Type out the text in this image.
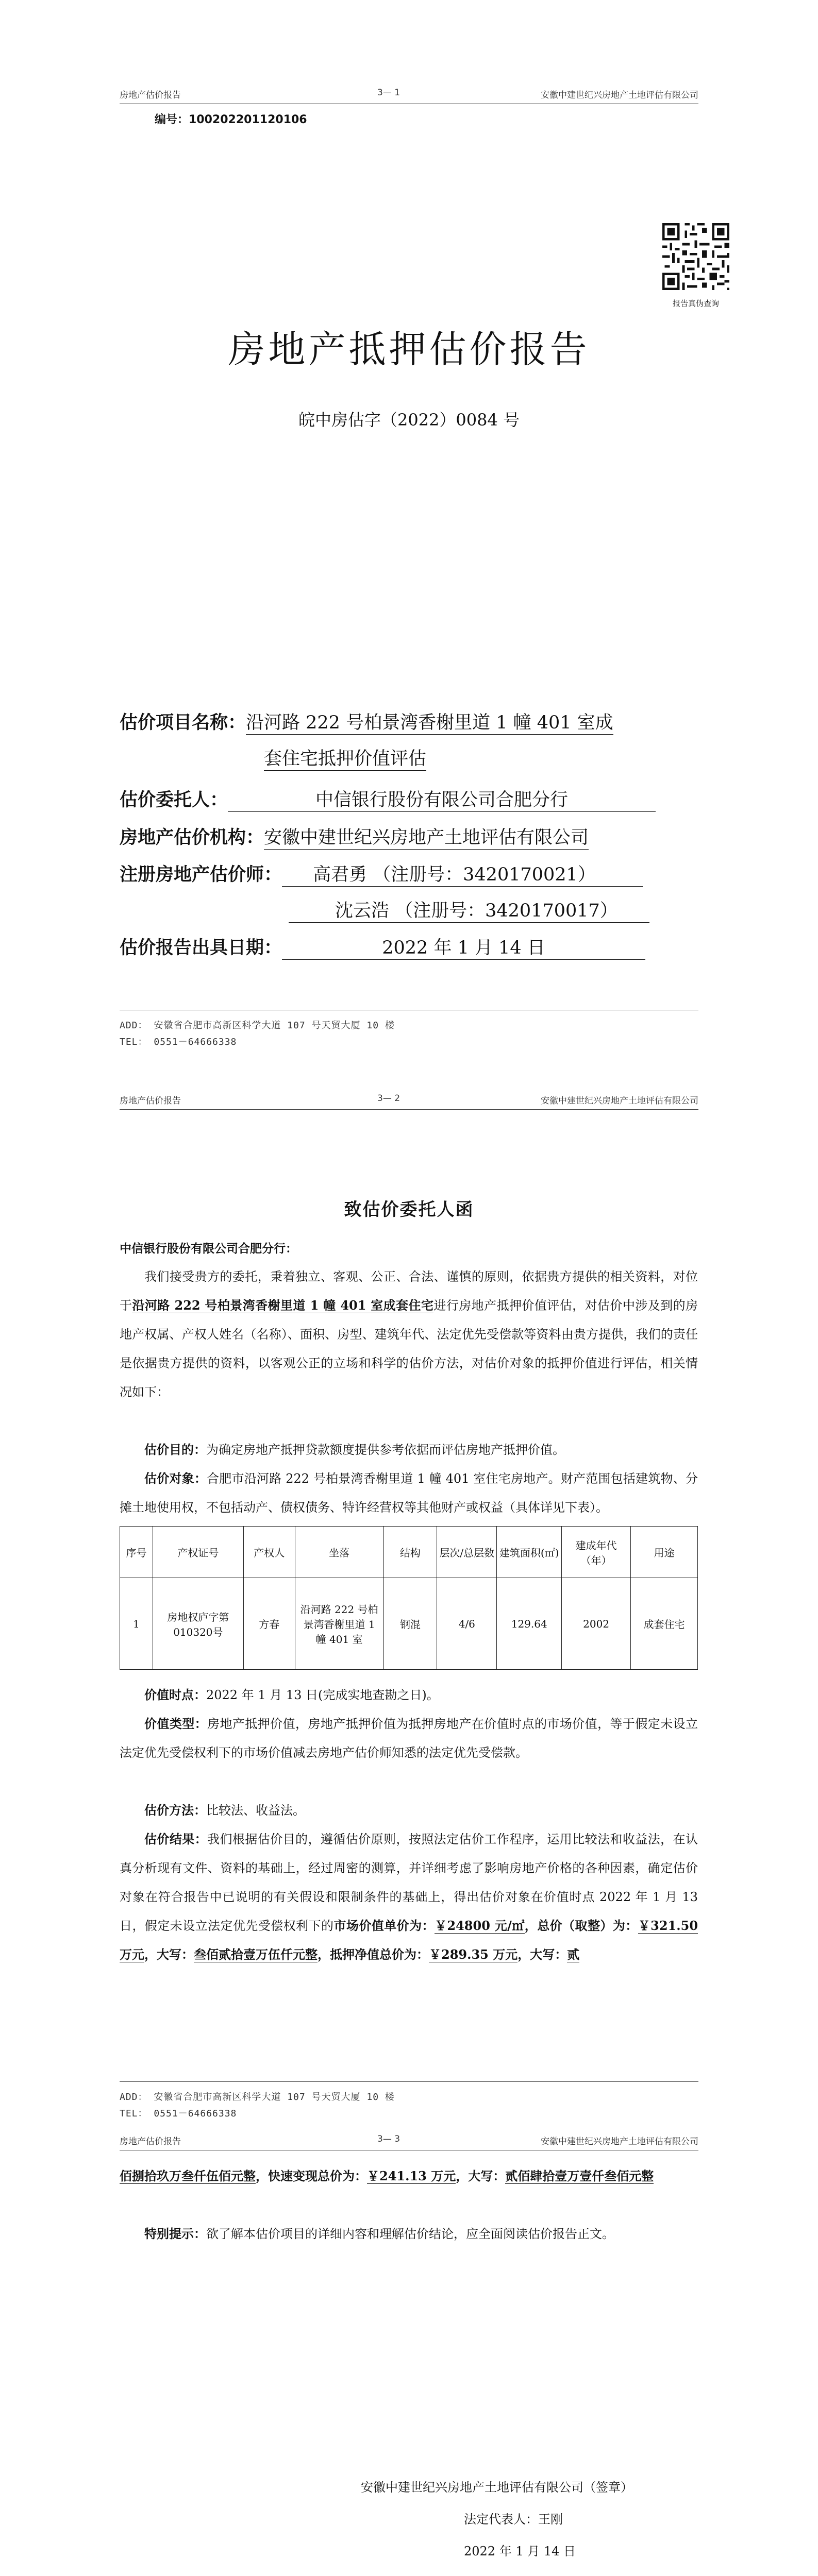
房地产估价报告	3— 1	安徽中建世纪兴房地产土地评估有限公司
编号：100202201120106
报告真伪查询
房地产抵押估价报告
皖中房估字（2022）0084 号
估价项目名称：沿河路 222 号柏景湾香榭里道 1 幢 401 室成
套住宅抵押价值评估
估价委托人：	中信银行股份有限公司合肥分行
房地产估价机构：安徽中建世纪兴房地产土地评估有限公司
注册房地产估价师： 高君勇 （注册号：3420170021）
沈云浩 （注册号：3420170017）
估价报告出具日期：	2022 年 1 月 14 日
ADD： 安徽省合肥市高新区科学大道 107 号天贸大厦 10 楼
TEL： 0551－64666338
房地产估价报告	3— 2	安徽中建世纪兴房地产土地评估有限公司
致估价委托人函
中信银行股份有限公司合肥分行：
我们接受贵方的委托，秉着独立、客观、公正、合法、谨慎的原则，依据贵方提供的相关资料，对位于沿河路 222 号柏景湾香榭里道 1 幢 401 室成套住宅进行房地产抵押价值评估，对估价中涉及到的房地产权属、产权人姓名（名称）、面积、房型、建筑年代、法定优先受偿款等资料由贵方提供，我们的责任是依据贵方提供的资料，以客观公正的立场和科学的估价方法，对估价对象的抵押价值进行评估，相关情况如下：
估价目的：为确定房地产抵押贷款额度提供参考依据而评估房地产抵押价值。
估价对象：合肥市沿河路 222 号柏景湾香榭里道 1 幢 401 室住宅房地产。财产范围包括建筑物、分摊土地使用权，不包括动产、债权债务、特许经营权等其他财产或权益（具体详见下表）。
序号	产权证号	产权人	坐落	结构	层次/总层数	建筑面积(㎡)	建成年代（年）	用途
1	房地权庐字第010320号	方春	沿河路 222 号柏景湾香榭里道 1 幢 401 室	钢混	4/6	129.64	2002	成套住宅
价值时点：2022 年 1 月 13 日(完成实地查勘之日)。
价值类型：房地产抵押价值，房地产抵押价值为抵押房地产在价值时点的市场价值，等于假定未设立法定优先受偿权利下的市场价值减去房地产估价师知悉的法定优先受偿款。
估价方法：比较法、收益法。
估价结果：我们根据估价目的，遵循估价原则，按照法定估价工作程序，运用比较法和收益法，在认真分析现有文件、资料的基础上，经过周密的测算，并详细考虑了影响房地产价格的各种因素，确定估价对象在符合报告中已说明的有关假设和限制条件的基础上，得出估价对象在价值时点 2022 年 1 月 13 日，假定未设立法定优先受偿权利下的市场价值单价为：￥24800 元/㎡，总价（取整）为：￥321.50 万元，大写：叁佰贰拾壹万伍仟元整，抵押净值总价为：￥289.35 万元，大写：贰
ADD： 安徽省合肥市高新区科学大道 107 号天贸大厦 10 楼
TEL： 0551－64666338
房地产估价报告	3— 3	安徽中建世纪兴房地产土地评估有限公司
佰捌拾玖万叁仟伍佰元整，快速变现总价为：￥241.13 万元，大写：贰佰肆拾壹万壹仟叁佰元整
特别提示：欲了解本估价项目的详细内容和理解估价结论，应全面阅读估价报告正文。
安徽中建世纪兴房地产土地评估有限公司（签章）
法定代表人：王刚
2022 年 1 月 14 日
